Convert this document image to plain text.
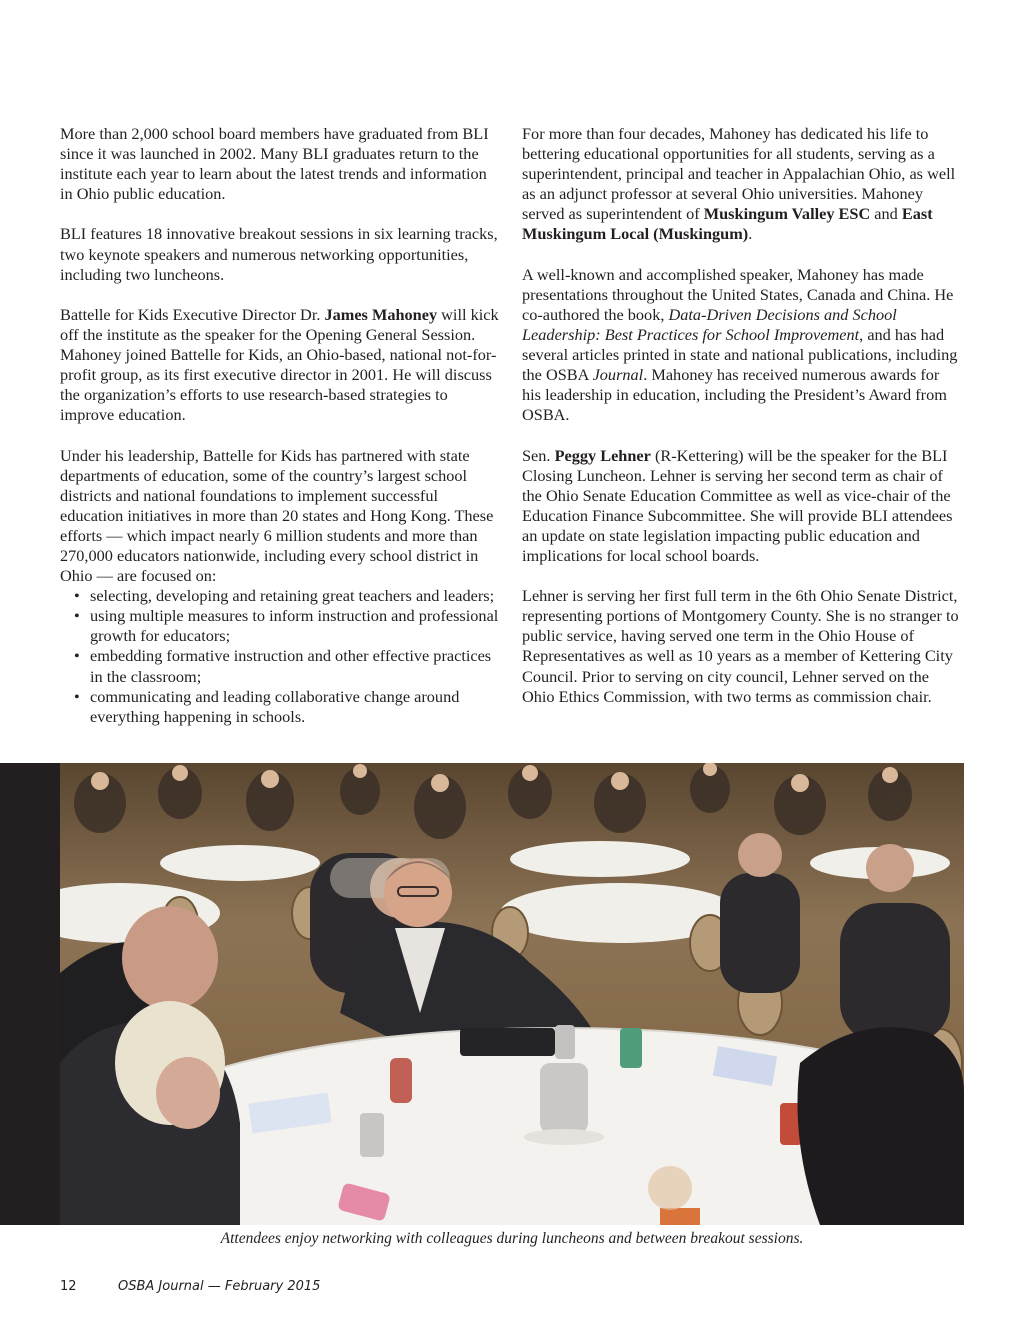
More than 2,000 school board members have graduated from BLI since it was launched in 2002. Many BLI graduates return to the institute each year to learn about the latest trends and information in Ohio public education.

BLI features 18 innovative breakout sessions in six learning tracks, two keynote speakers and numerous networking opportunities, including two luncheons.

Battelle for Kids Executive Director Dr. James Mahoney will kick off the institute as the speaker for the Opening General Session. Mahoney joined Battelle for Kids, an Ohio-based, national not-for-profit group, as its first executive director in 2001. He will discuss the organization’s efforts to use research-based strategies to improve education.

Under his leadership, Battelle for Kids has partnered with state departments of education, some of the country’s largest school districts and national foundations to implement successful education initiatives in more than 20 states and Hong Kong. These efforts — which impact nearly 6 million students and more than 270,000 educators nationwide, including every school district in Ohio — are focused on:

• selecting, developing and retaining great teachers and leaders;
• using multiple measures to inform instruction and professional growth for educators;
• embedding formative instruction and other effective practices in the classroom;
• communicating and leading collaborative change around everything happening in schools.

For more than four decades, Mahoney has dedicated his life to bettering educational opportunities for all students, serving as a superintendent, principal and teacher in Appalachian Ohio, as well as an adjunct professor at several Ohio universities. Mahoney served as superintendent of Muskingum Valley ESC and East Muskingum Local (Muskingum).

A well-known and accomplished speaker, Mahoney has made presentations throughout the United States, Canada and China. He co-authored the book, Data-Driven Decisions and School Leadership: Best Practices for School Improvement, and has had several articles printed in state and national publications, including the OSBA Journal. Mahoney has received numerous awards for his leadership in education, including the President’s Award from OSBA.

Sen. Peggy Lehner (R-Kettering) will be the speaker for the BLI Closing Luncheon. Lehner is serving her second term as chair of the Ohio Senate Education Committee as well as vice-chair of the Education Finance Subcommittee. She will provide BLI attendees an update on state legislation impacting public education and implications for local school boards.

Lehner is serving her first full term in the 6th Ohio Senate District, representing portions of Montgomery County. She is no stranger to public service, having served one term in the Ohio House of Representatives as well as 10 years as a member of Kettering City Council. Prior to serving on city council, Lehner served on the Ohio Ethics Commission, with two terms as commission chair.

Attendees enjoy networking with colleagues during luncheons and between breakout sessions.
12	OSBA Journal — February 2015
